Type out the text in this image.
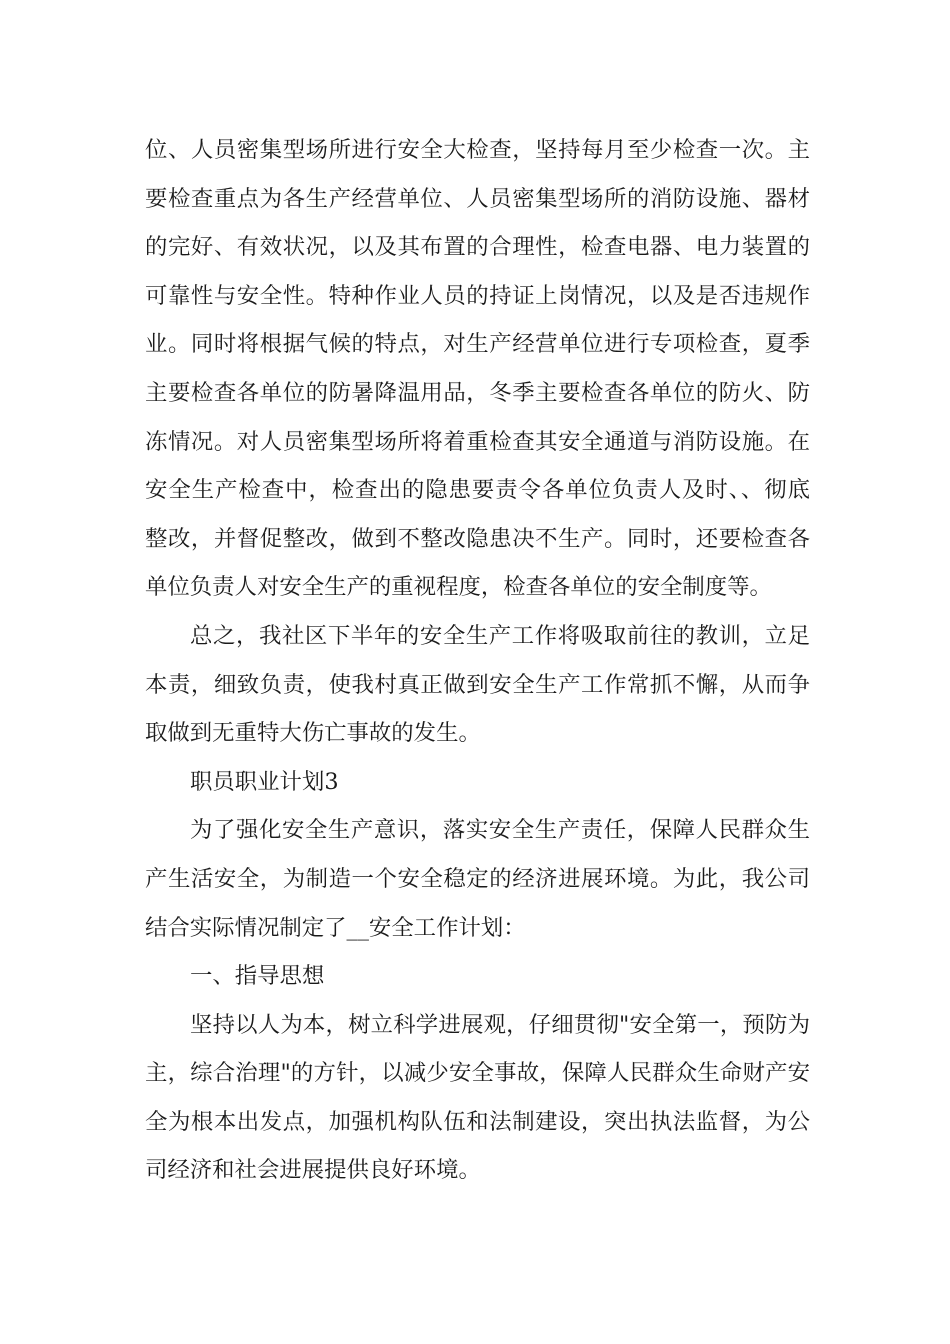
位、人员密集型场所进行安全大检查，坚持每月至少检查一次。主
要检查重点为各生产经营单位、人员密集型场所的消防设施、器材
的完好、有效状况，以及其布置的合理性，检查电器、电力装置的
可靠性与安全性。特种作业人员的持证上岗情况，以及是否违规作
业。同时将根据气候的特点，对生产经营单位进行专项检查，夏季
主要检查各单位的防暑降温用品，冬季主要检查各单位的防火、防
冻情况。对人员密集型场所将着重检查其安全通道与消防设施。在
安全生产检查中，检查出的隐患要责令各单位负责人及时、、彻底
整改，并督促整改，做到不整改隐患决不生产。同时，还要检查各
单位负责人对安全生产的重视程度，检查各单位的安全制度等。
总之，我社区下半年的安全生产工作将吸取前往的教训，立足
本责，细致负责，使我村真正做到安全生产工作常抓不懈，从而争
取做到无重特大伤亡事故的发生。
职员职业计划3
为了强化安全生产意识，落实安全生产责任，保障人民群众生
产生活安全，为制造一个安全稳定的经济进展环境。为此，我公司
结合实际情况制定了__安全工作计划：
一、指导思想
坚持以人为本，树立科学进展观，仔细贯彻"安全第一，预防为
主，综合治理"的方针，以减少安全事故，保障人民群众生命财产安
全为根本出发点，加强机构队伍和法制建设，突出执法监督，为公
司经济和社会进展提供良好环境。
